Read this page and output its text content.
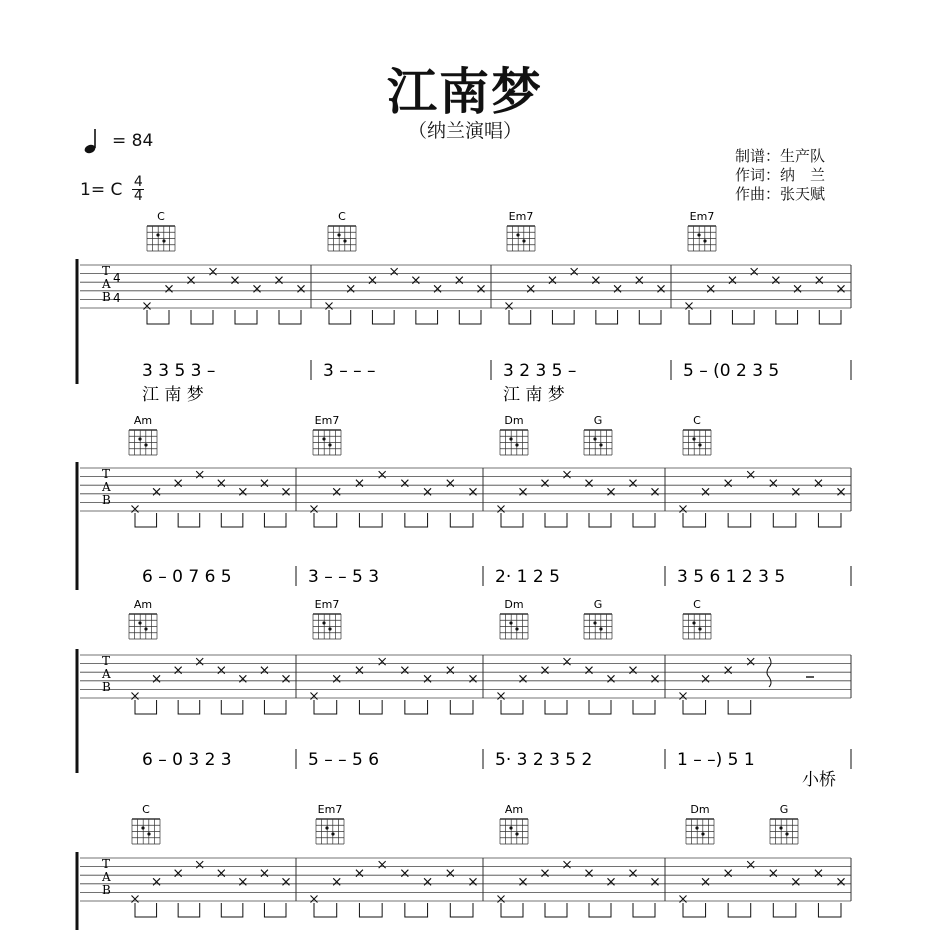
江南梦
（纳兰演唱）
= 84
1= C $\frac{4}{4}$
制谱：生产队
作词：纳　兰
作曲：张天赋
T
A
B
4
4
C	C	Em7	Em7
3 3 5 3 –	3 – – –	3 2 3 5 –	5 – (0 2 3 5
江 南 梦	江 南 梦
T
A
B
Am	Em7	Dm	G	C
6 – 0 7 6 5	3 – – 5 3	2· 1 2 5	3 5 6 1 2 3 5
T
A
B
Am	Em7	Dm	G	C
6 – 0 3 2 3	5 – – 5 6	5· 3 2 3 5 2	1 – –) 5 1
小桥
T
A
B
C	Em7	Am	Dm	G
